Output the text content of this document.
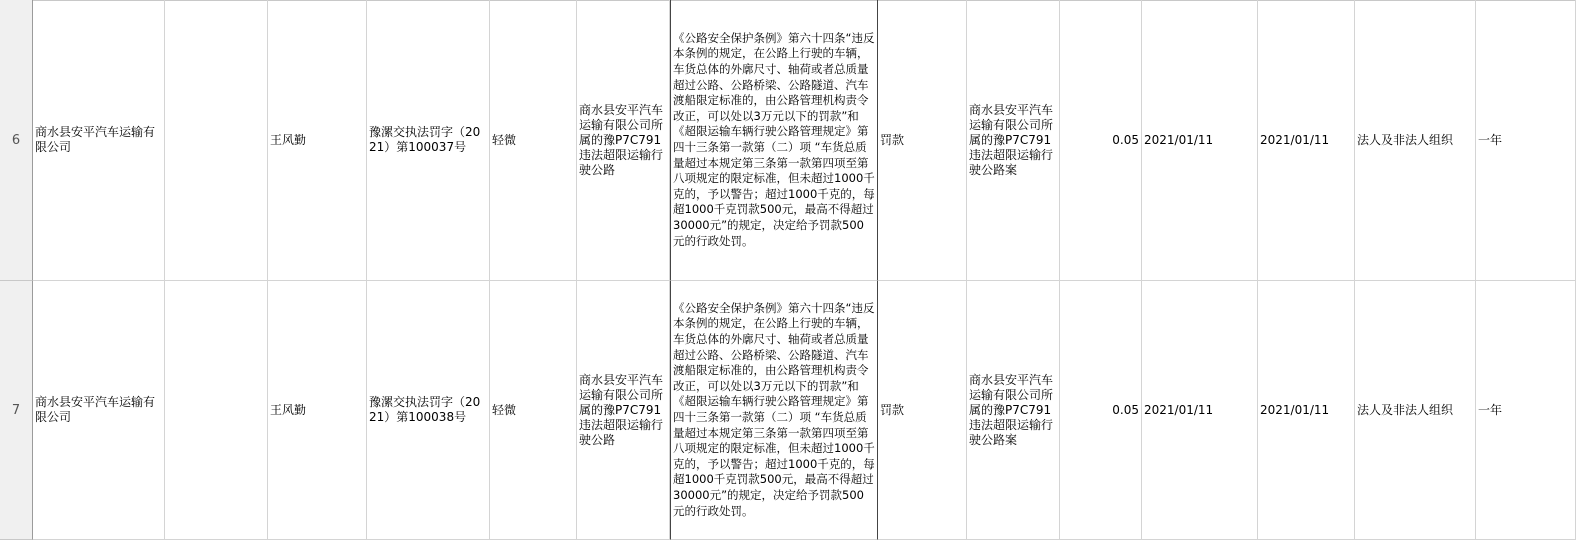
6
商水县安平汽车运输有限公司
王风勤
豫漯交执法罚字（2021）第100037号
轻微
商水县安平汽车运输有限公司所属的豫P7C791违法超限运输行驶公路
《公路安全保护条例》第六十四条“违反本条例的规定，在公路上行驶的车辆，车货总体的外廓尺寸、轴荷或者总质量超过公路、公路桥梁、公路隧道、汽车渡船限定标准的，由公路管理机构责令改正，可以处以3万元以下的罚款”和《超限运输车辆行驶公路管理规定》第四十三条第一款第（二）项 “车货总质量超过本规定第三条第一款第四项至第八项规定的限定标准，但未超过1000千克的，予以警告；超过1000千克的，每超1000千克罚款500元，最高不得超过30000元”的规定，决定给予罚款500元的行政处罚。
罚款
商水县安平汽车运输有限公司所属的豫P7C791违法超限运输行驶公路案
0.05 2021/01/11	2021/01/11 法人及非法人组织 一年
7
商水县安平汽车运输有限公司
王风勤
豫漯交执法罚字（2021）第100038号
轻微
商水县安平汽车运输有限公司所属的豫P7C791违法超限运输行驶公路
《公路安全保护条例》第六十四条“违反本条例的规定，在公路上行驶的车辆，车货总体的外廓尺寸、轴荷或者总质量超过公路、公路桥梁、公路隧道、汽车渡船限定标准的，由公路管理机构责令改正，可以处以3万元以下的罚款”和《超限运输车辆行驶公路管理规定》第四十三条第一款第（二）项 “车货总质量超过本规定第三条第一款第四项至第八项规定的限定标准，但未超过1000千克的，予以警告；超过1000千克的，每超1000千克罚款500元，最高不得超过30000元”的规定，决定给予罚款500元的行政处罚。
罚款
商水县安平汽车运输有限公司所属的豫P7C791违法超限运输行驶公路案
0.05 2021/01/11	2021/01/11 法人及非法人组织 一年
